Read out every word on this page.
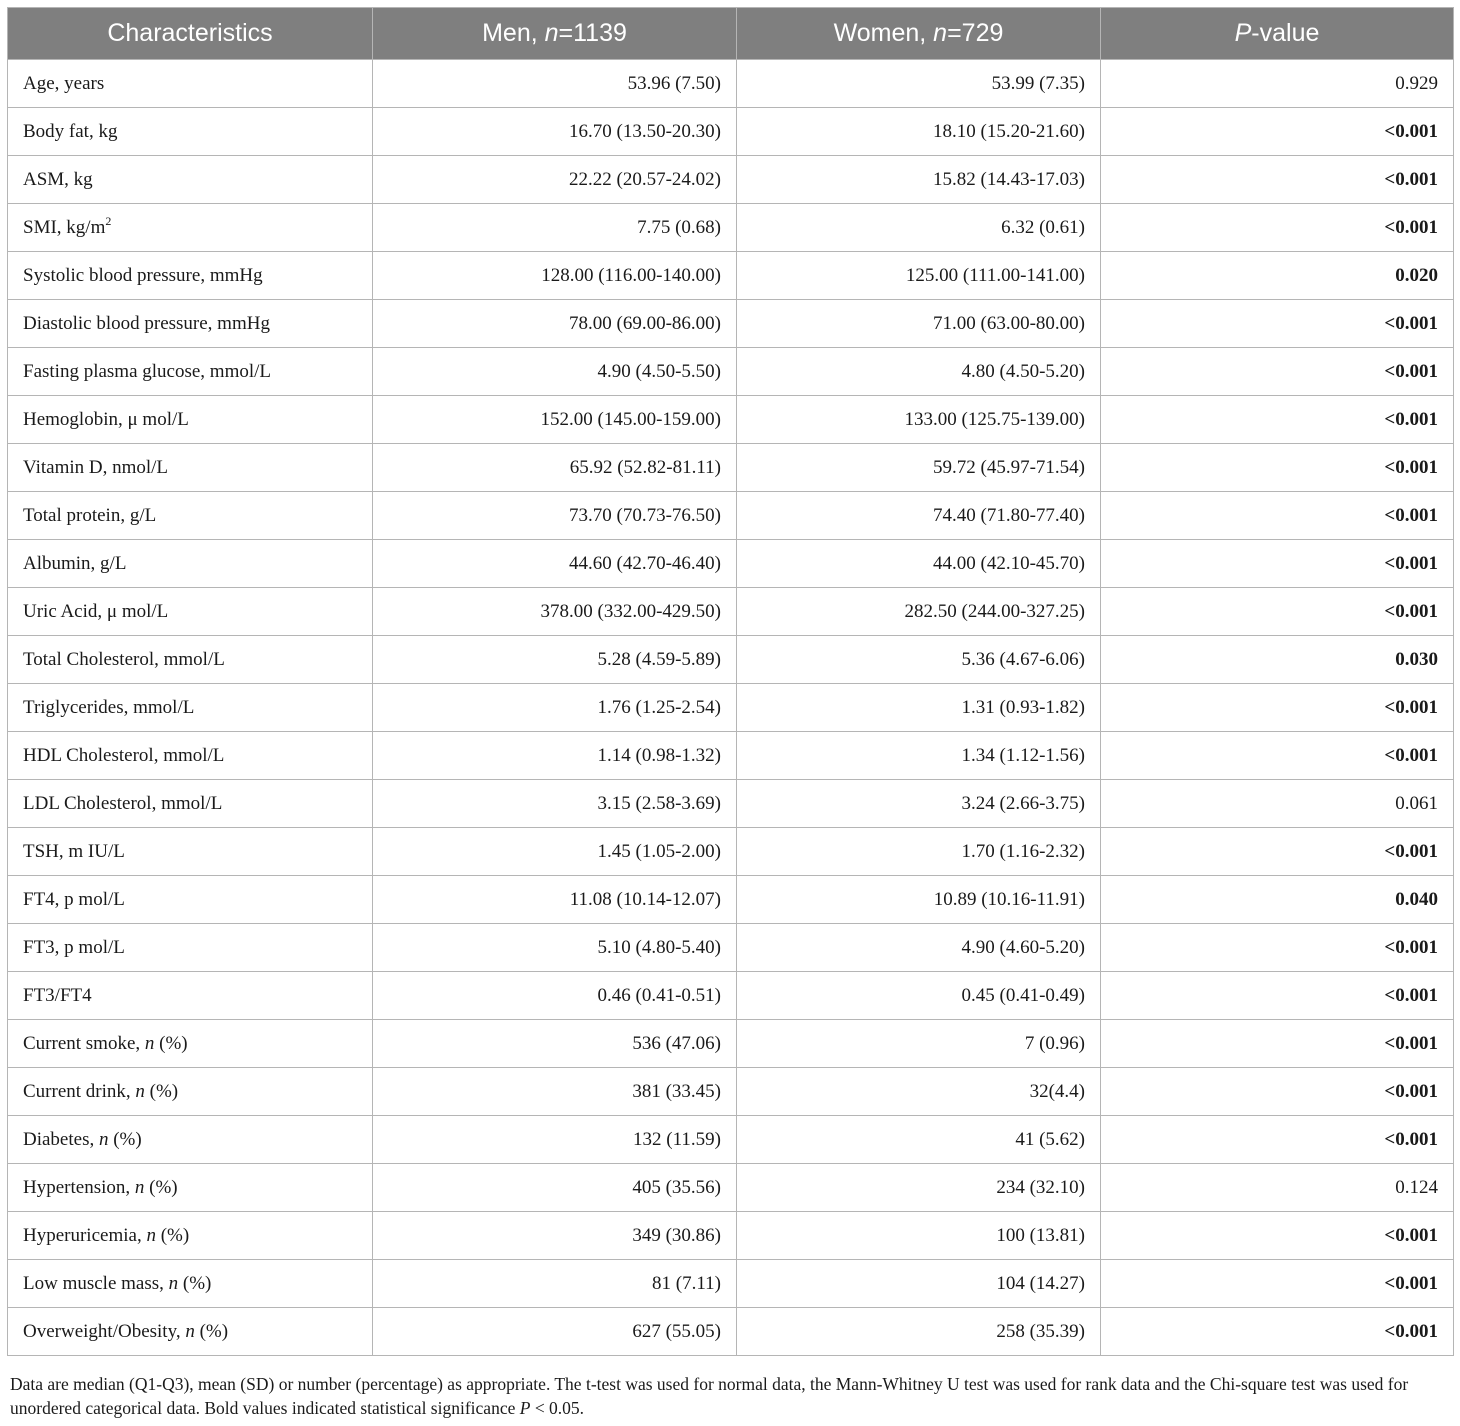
Characteristics	Men, n=1139	Women, n=729	P-value
Age, years	53.96 (7.50)	53.99 (7.35)	0.929
Body fat, kg	16.70 (13.50-20.30)	18.10 (15.20-21.60)	<0.001
ASM, kg	22.22 (20.57-24.02)	15.82 (14.43-17.03)	<0.001
SMI, $kg/m^2$	7.75 (0.68)	6.32 (0.61)	<0.001
Systolic blood pressure, mmHg	128.00 (116.00-140.00)	125.00 (111.00-141.00)	0.020
Diastolic blood pressure, mmHg	78.00 (69.00-86.00)	71.00 (63.00-80.00)	<0.001
Fasting plasma glucose, mmol/L	4.90 (4.50-5.50)	4.80 (4.50-5.20)	<0.001
Hemoglobin, μ mol/L	152.00 (145.00-159.00)	133.00 (125.75-139.00)	<0.001
Vitamin D, nmol/L	65.92 (52.82-81.11)	59.72 (45.97-71.54)	<0.001
Total protein, g/L	73.70 (70.73-76.50)	74.40 (71.80-77.40)	<0.001
Albumin, g/L	44.60 (42.70-46.40)	44.00 (42.10-45.70)	<0.001
Uric Acid, μ mol/L	378.00 (332.00-429.50)	282.50 (244.00-327.25)	<0.001
Total Cholesterol, mmol/L	5.28 (4.59-5.89)	5.36 (4.67-6.06)	0.030
Triglycerides, mmol/L	1.76 (1.25-2.54)	1.31 (0.93-1.82)	<0.001
HDL Cholesterol, mmol/L	1.14 (0.98-1.32)	1.34 (1.12-1.56)	<0.001
LDL Cholesterol, mmol/L	3.15 (2.58-3.69)	3.24 (2.66-3.75)	0.061
TSH, m IU/L	1.45 (1.05-2.00)	1.70 (1.16-2.32)	<0.001
FT4, p mol/L	11.08 (10.14-12.07)	10.89 (10.16-11.91)	0.040
FT3, p mol/L	5.10 (4.80-5.40)	4.90 (4.60-5.20)	<0.001
FT3/FT4	0.46 (0.41-0.51)	0.45 (0.41-0.49)	<0.001
Current smoke, n (%)	536 (47.06)	7 (0.96)	<0.001
Current drink, n (%)	381 (33.45)	32(4.4)	<0.001
Diabetes, n (%)	132 (11.59)	41 (5.62)	<0.001
Hypertension, n (%)	405 (35.56)	234 (32.10)	0.124
Hyperuricemia, n (%)	349 (30.86)	100 (13.81)	<0.001
Low muscle mass, n (%)	81 (7.11)	104 (14.27)	<0.001
Overweight/Obesity, n (%)	627 (55.05)	258 (35.39)	<0.001

Data are median (Q1-Q3), mean (SD) or number (percentage) as appropriate. The t-test was used for normal data, the Mann-Whitney U test was used for rank data and the Chi-square test was used for unordered categorical data. Bold values indicated statistical significance P < 0.05.
